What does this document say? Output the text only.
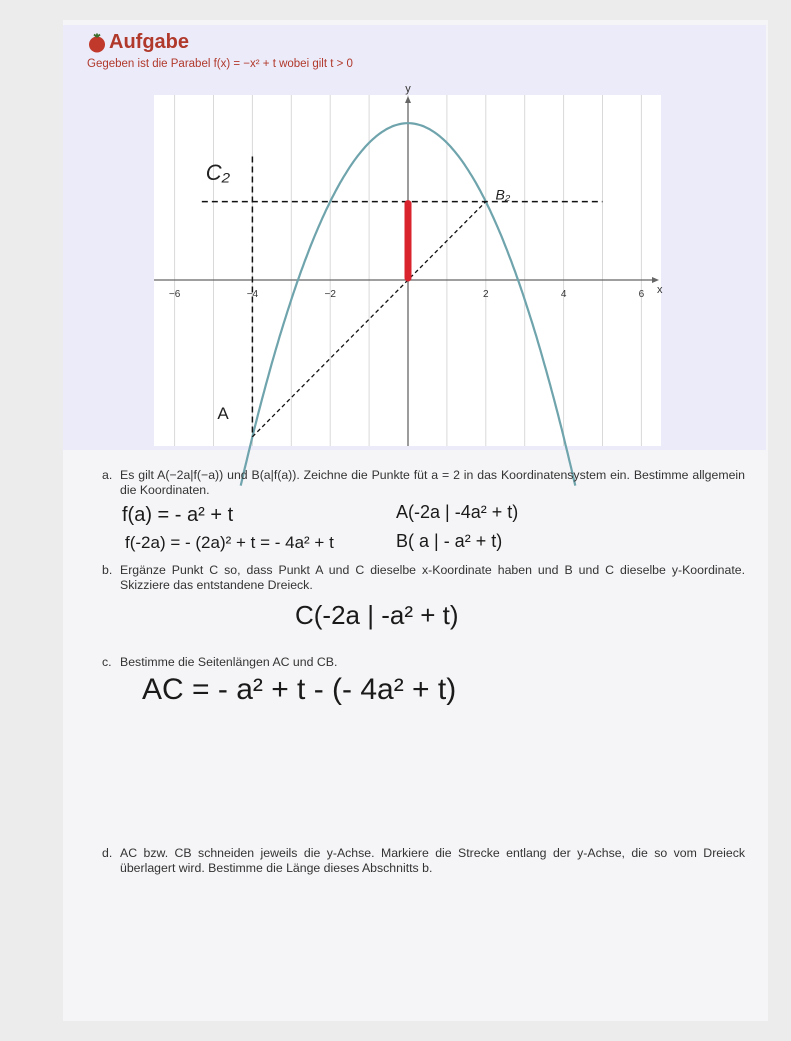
Aufgabe
Gegeben ist die Parabel f(x) = −x² + t wobei gilt t > 0
−6	−4	−2	2	4	6 x
y
C₂
B₂
A
a. Es gilt A(−2a|f(−a)) und B(a|f(a)). Zeichne die Punkte füt a = 2 in das Koordinatensystem ein. Bestimme allgemein die Koordinaten.
f(a) = - a² + t	A(-2a | -4a² + t)
f(-2a) = - (2a)² + t = - 4a² + t	B( a | - a² + t)
b. Ergänze Punkt C so, dass Punkt A und C dieselbe x-Koordinate haben und B und C dieselbe y-Koordinate. Skizziere das entstandene Dreieck.
C(-2a | -a² + t)
c. Bestimme die Seitenlängen AC und CB.
AC = - a² + t - (- 4a² + t)
d. AC bzw. CB schneiden jeweils die y-Achse. Markiere die Strecke entlang der y-Achse, die so vom Dreieck überlagert wird. Bestimme die Länge dieses Abschnitts b.
